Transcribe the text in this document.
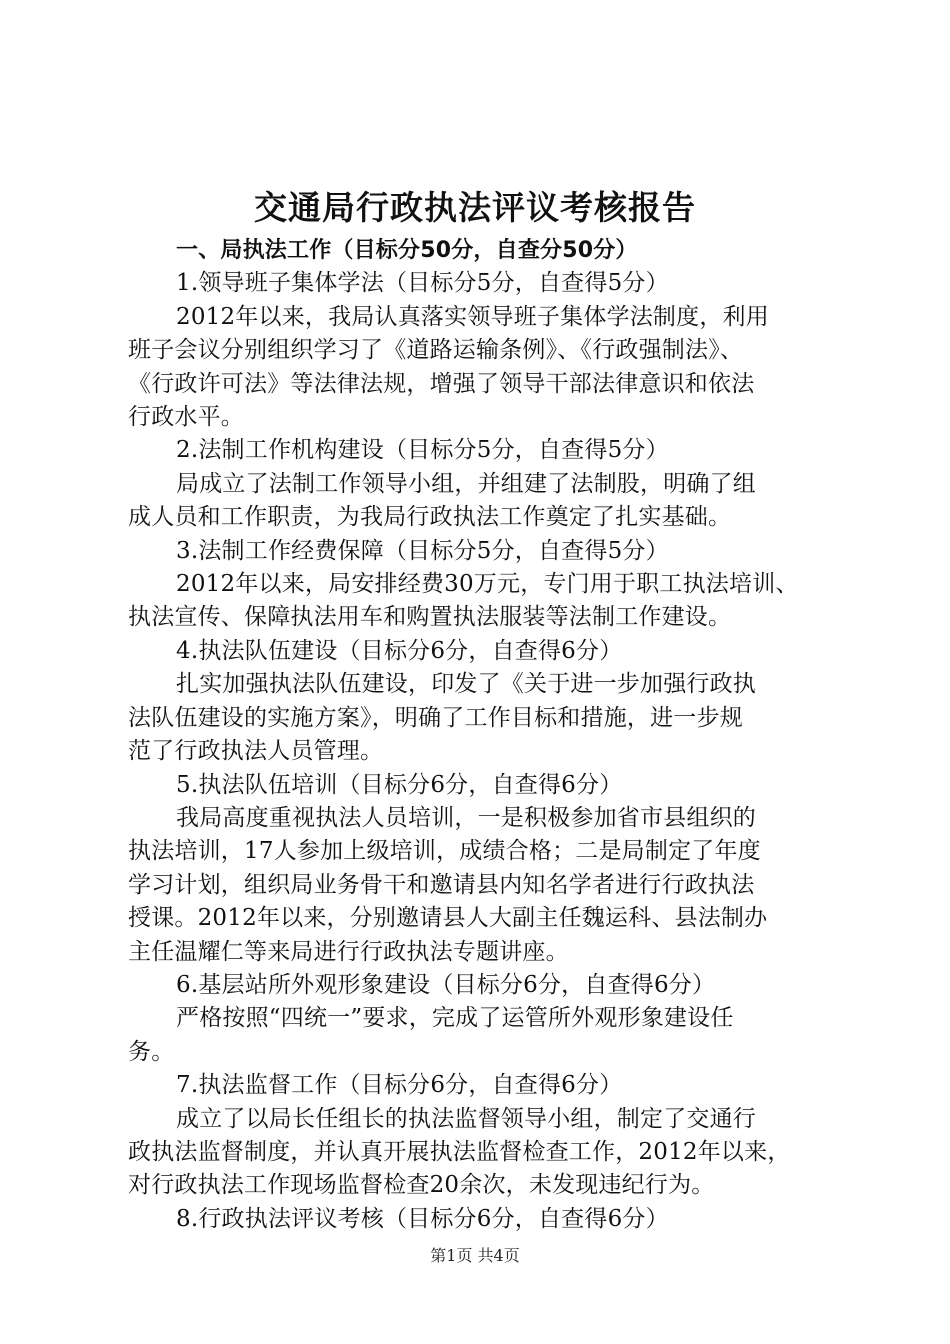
交通局行政执法评议考核报告
一、局执法工作（目标分50分，自查分50分）
1.领导班子集体学法（目标分5分，自查得5分）
2012年以来，我局认真落实领导班子集体学法制度，利用
班子会议分别组织学习了《道路运输条例》、《行政强制法》、
《行政许可法》等法律法规，增强了领导干部法律意识和依法
行政水平。
2.法制工作机构建设（目标分5分，自查得5分）
局成立了法制工作领导小组，并组建了法制股，明确了组
成人员和工作职责，为我局行政执法工作奠定了扎实基础。
3.法制工作经费保障（目标分5分，自查得5分）
2012年以来，局安排经费30万元，专门用于职工执法培训、
执法宣传、保障执法用车和购置执法服装等法制工作建设。
4.执法队伍建设（目标分6分，自查得6分）
扎实加强执法队伍建设，印发了《关于进一步加强行政执
法队伍建设的实施方案》，明确了工作目标和措施，进一步规
范了行政执法人员管理。
5.执法队伍培训（目标分6分，自查得6分）
我局高度重视执法人员培训，一是积极参加省市县组织的
执法培训，17人参加上级培训，成绩合格；二是局制定了年度
学习计划，组织局业务骨干和邀请县内知名学者进行行政执法
授课。2012年以来，分别邀请县人大副主任魏运科、县法制办
主任温耀仁等来局进行行政执法专题讲座。
6.基层站所外观形象建设（目标分6分，自查得6分）
严格按照“四统一”要求，完成了运管所外观形象建设任
务。
7.执法监督工作（目标分6分，自查得6分）
成立了以局长任组长的执法监督领导小组，制定了交通行
政执法监督制度，并认真开展执法监督检查工作，2012年以来，
对行政执法工作现场监督检查20余次，未发现违纪行为。
8.行政执法评议考核（目标分6分，自查得6分）
第1页 共4页
